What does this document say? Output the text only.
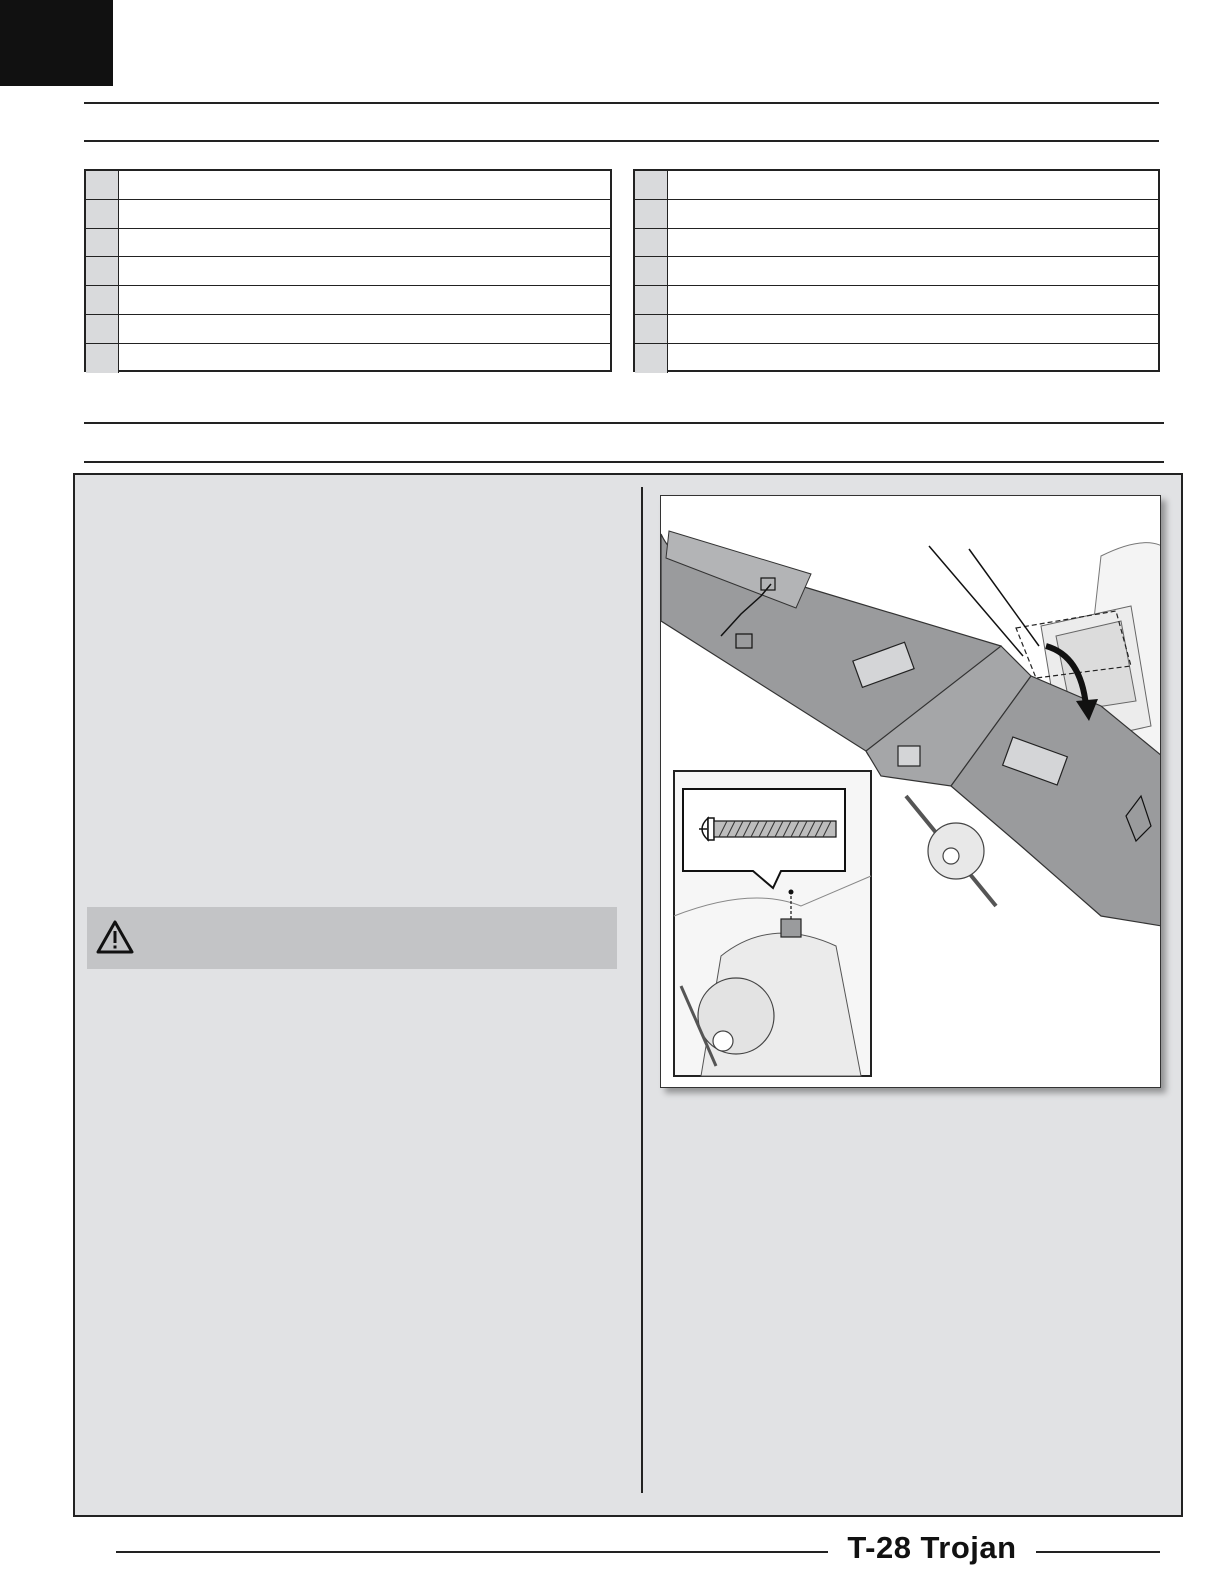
T-28 Trojan
